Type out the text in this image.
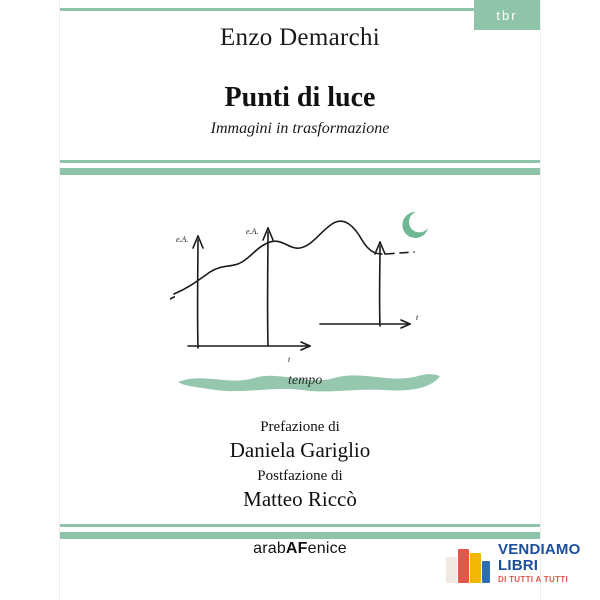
tbr
Enzo Demarchi
Punti di luce
Immagini in trasformazione
e.A.
e.A.
t
t
tempo
Prefazione di
Daniela Gariglio
Postfazione di
Matteo Riccò
arabAFenice	VENDIAMO
LIBRI
DI TUTTI A TUTTI
